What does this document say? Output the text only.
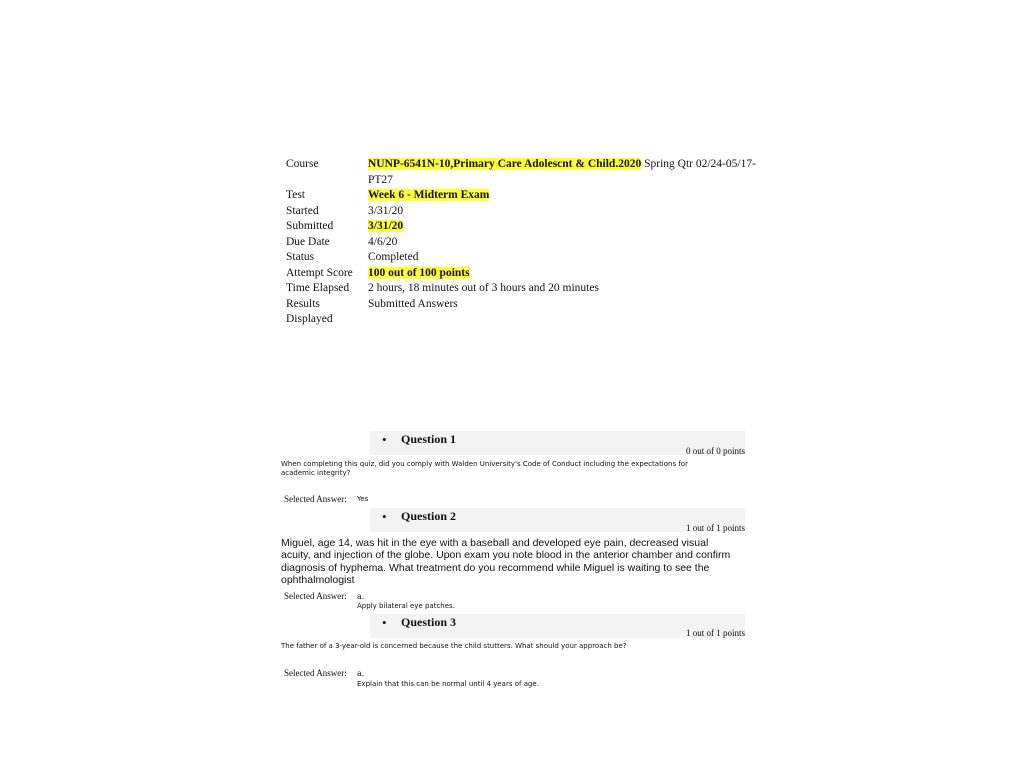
Course	NUNP-6541N-10,Primary Care Adolescnt & Child.2020 Spring Qtr 02/24-05/17-PT27
Test	Week 6 - Midterm Exam
Started	3/31/20
Submitted	3/31/20
Due Date	4/6/20
Status	Completed
Attempt Score	100 out of 100 points
Time Elapsed	2 hours, 18 minutes out of 3 hours and 20 minutes
Results Displayed	Submitted Answers
• Question 1
0 out of 0 points
When completing this quiz, did you comply with Walden University's Code of Conduct including the expectations for academic integrity?
Selected Answer: Yes
• Question 2
1 out of 1 points
Miguel, age 14, was hit in the eye with a baseball and developed eye pain, decreased visual acuity, and injection of the globe. Upon exam you note blood in the anterior chamber and confirm diagnosis of hyphema. What treatment do you recommend while Miguel is waiting to see the ophthalmologist
Selected Answer: a.
Apply bilateral eye patches.
• Question 3
1 out of 1 points
The father of a 3-year-old is concerned because the child stutters. What should your approach be?
Selected Answer: a.
Explain that this can be normal until 4 years of age.
